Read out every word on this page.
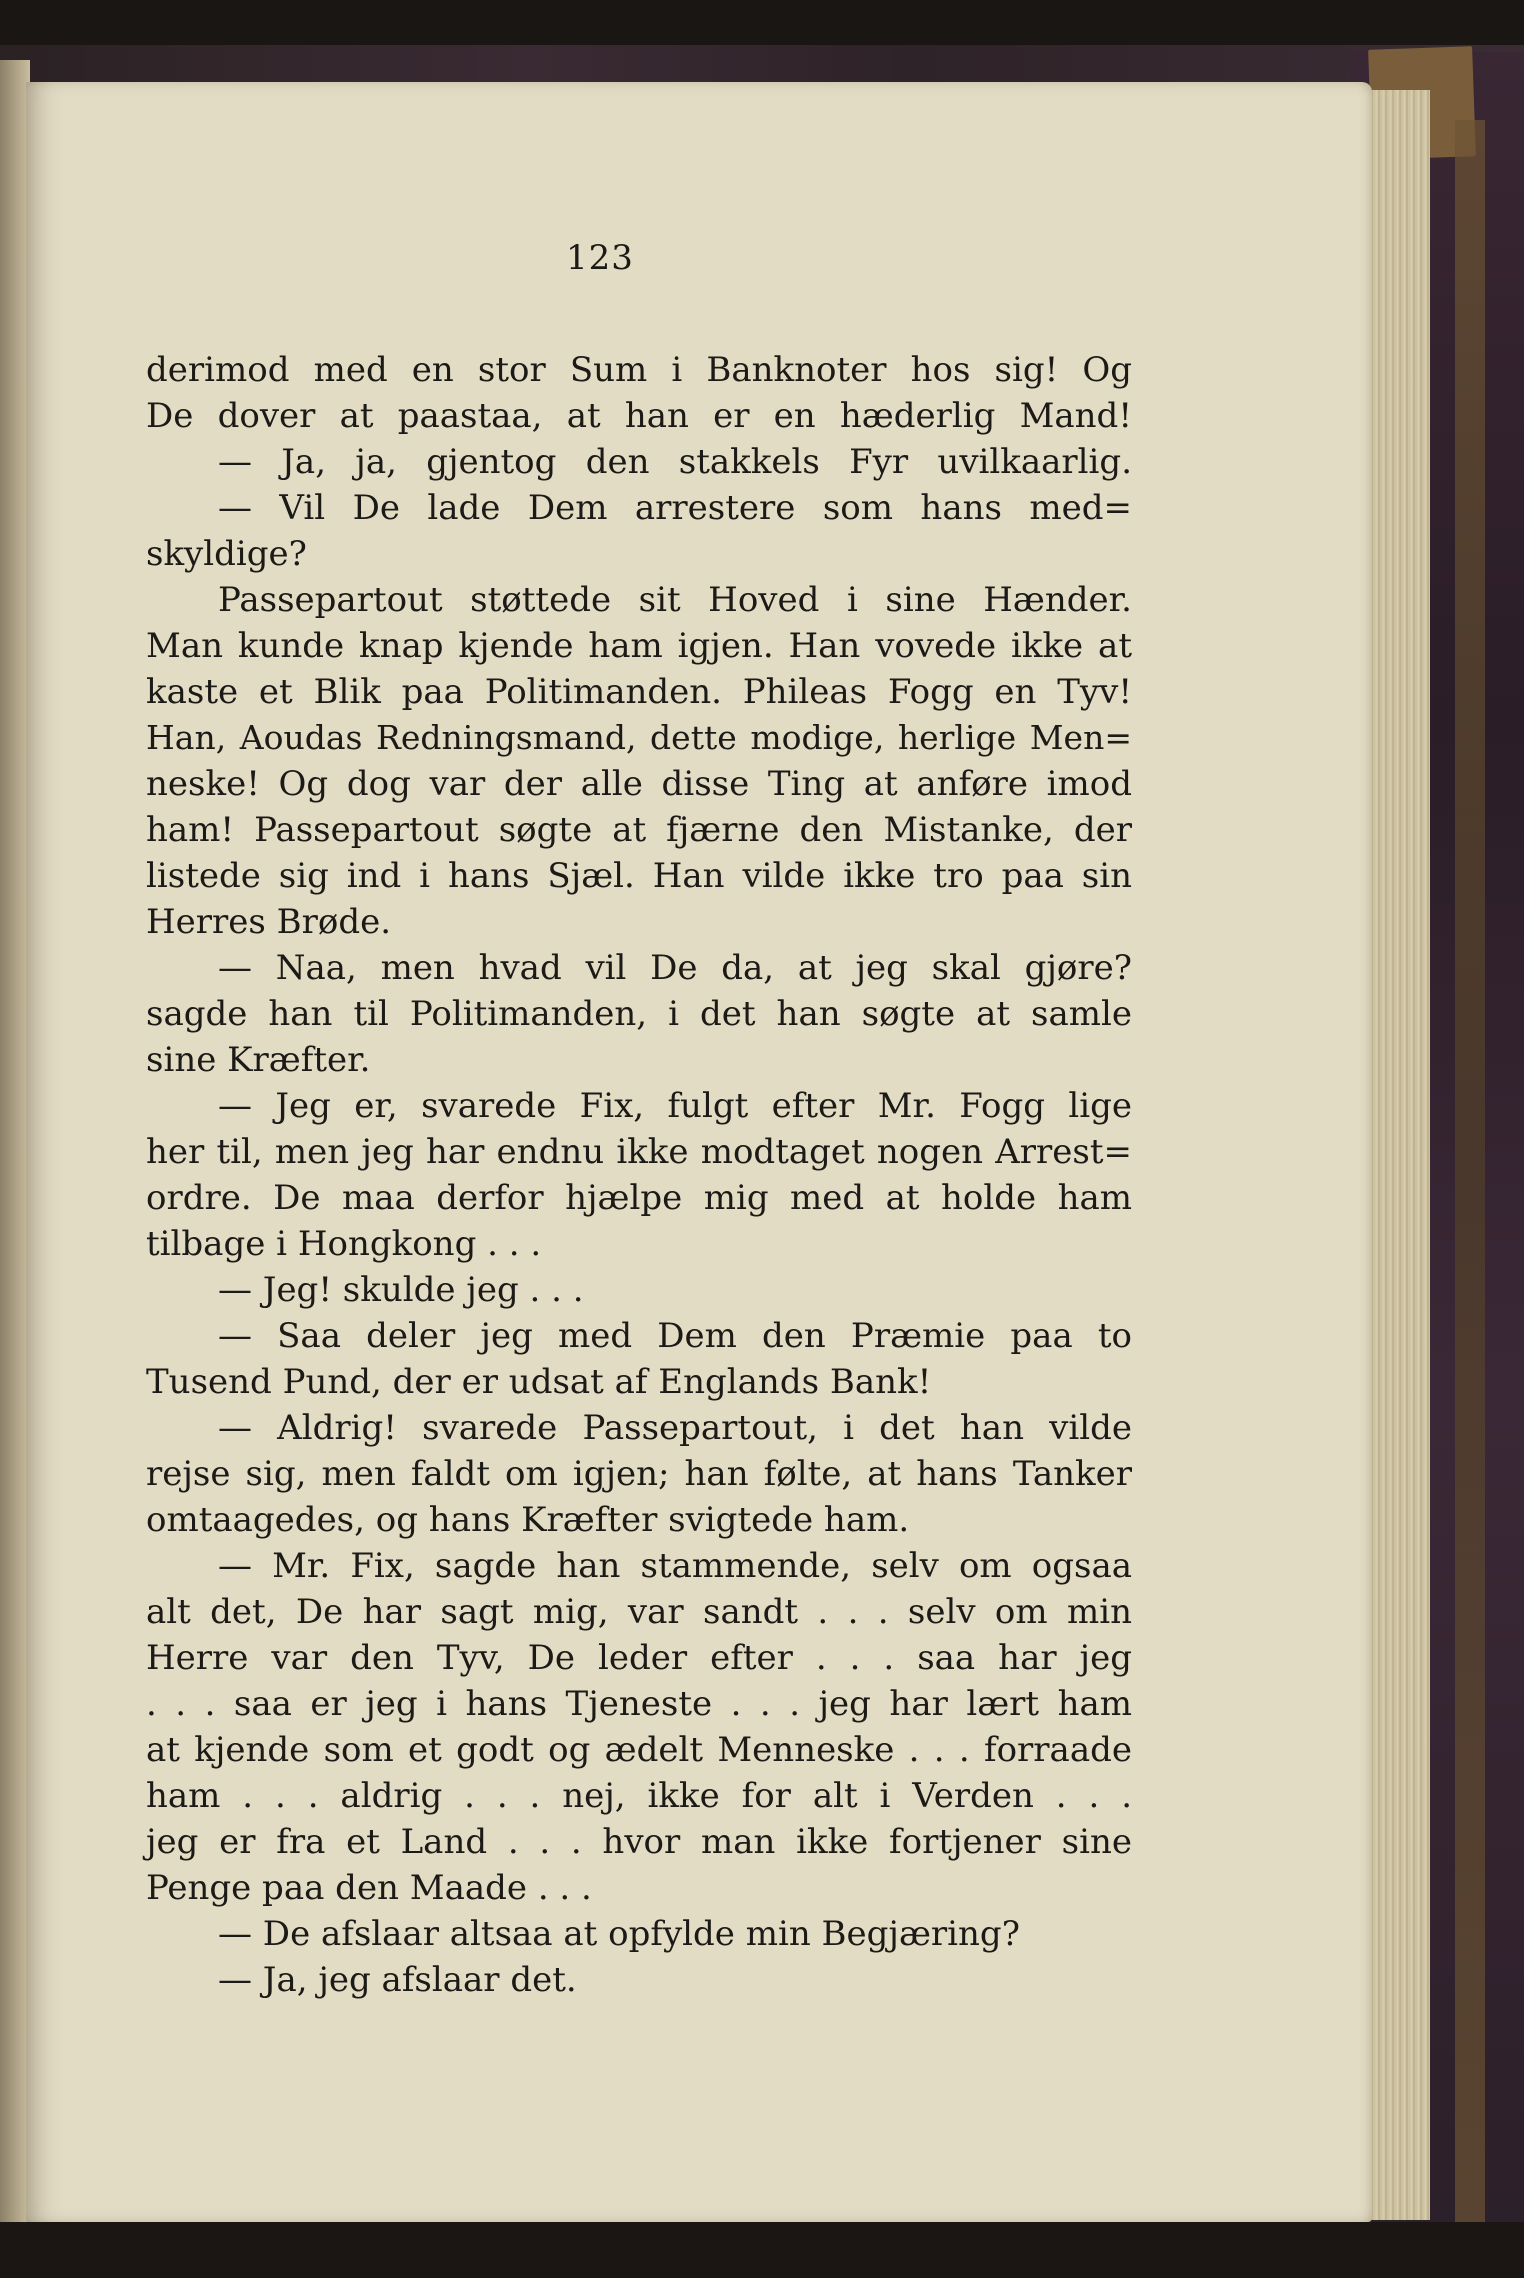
123
derimod med en stor Sum i Banknoter hos sig! Og
De dover at paastaa, at han er en hæderlig Mand!
— Ja, ja, gjentog den stakkels Fyr uvilkaarlig.
— Vil De lade Dem arrestere som hans med=
skyldige?
Passepartout støttede sit Hoved i sine Hænder.
Man kunde knap kjende ham igjen. Han vovede ikke at
kaste et Blik paa Politimanden. Phileas Fogg en Tyv!
Han, Aoudas Redningsmand, dette modige, herlige Men=
neske! Og dog var der alle disse Ting at anføre imod
ham! Passepartout søgte at fjærne den Mistanke, der
listede sig ind i hans Sjæl. Han vilde ikke tro paa sin
Herres Brøde.
— Naa, men hvad vil De da, at jeg skal gjøre?
sagde han til Politimanden, i det han søgte at samle
sine Kræfter.
— Jeg er, svarede Fix, fulgt efter Mr. Fogg lige
her til, men jeg har endnu ikke modtaget nogen Arrest=
ordre. De maa derfor hjælpe mig med at holde ham
tilbage i Hongkong . . .
— Jeg! skulde jeg . . .
— Saa deler jeg med Dem den Præmie paa to
Tusend Pund, der er udsat af Englands Bank!
— Aldrig! svarede Passepartout, i det han vilde
rejse sig, men faldt om igjen; han følte, at hans Tanker
omtaagedes, og hans Kræfter svigtede ham.
— Mr. Fix, sagde han stammende, selv om ogsaa
alt det, De har sagt mig, var sandt . . . selv om min
Herre var den Tyv, De leder efter . . . saa har jeg
. . . saa er jeg i hans Tjeneste . . . jeg har lært ham
at kjende som et godt og ædelt Menneske . . . forraade
ham . . . aldrig . . . nej, ikke for alt i Verden . . .
jeg er fra et Land . . . hvor man ikke fortjener sine
Penge paa den Maade . . .
— De afslaar altsaa at opfylde min Begjæring?
— Ja, jeg afslaar det.
